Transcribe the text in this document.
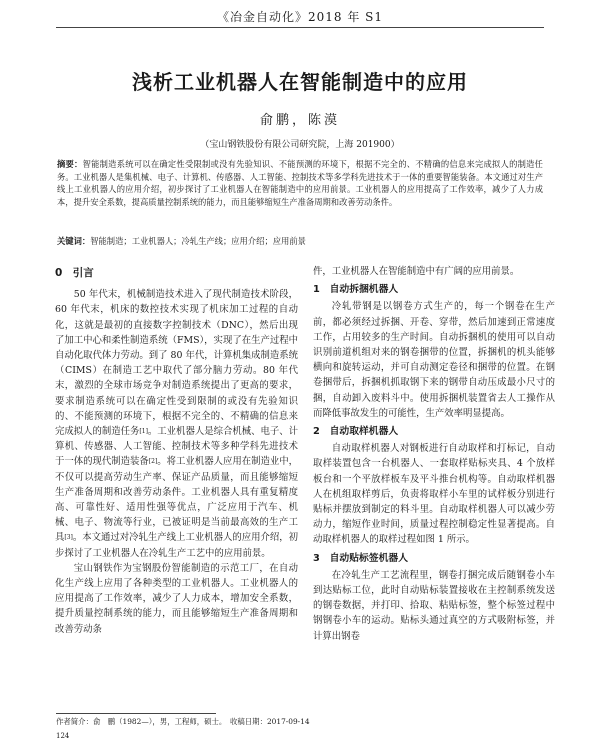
《冶金自动化》2018 年 S1
浅析工业机器人在智能制造中的应用
俞鹏，陈漠
（宝山钢铁股份有限公司研究院，上海 201900）
摘要：智能制造系统可以在确定性受限制或没有先验知识、不能预测的环境下，根据不完全的、不精确的信息来完成拟人的制造任务。工业机器人是集机械、电子、计算机、传感器、人工智能、控制技术等多学科先进技术于一体的重要智能装备。本文通过对生产线上工业机器人的应用介绍，初步探讨了工业机器人在智能制造中的应用前景。工业机器人的应用提高了工作效率，减少了人力成本，提升安全系数，提高质量控制系统的能力，而且能够缩短生产准备周期和改善劳动条件。
关键词：智能制造；工业机器人；冷轧生产线；应用介绍；应用前景
0　引言

50 年代末，机械制造技术进入了现代制造技术阶段，60 年代末，机床的数控技术实现了机床加工过程的自动化，这就是最初的直接数字控制技术（DNC），然后出现了加工中心和柔性制造系统（FMS），实现了在生产过程中自动化取代体力劳动。到了 80 年代，计算机集成制造系统（CIMS）在制造工艺中取代了部分脑力劳动。80 年代末，激烈的全球市场竞争对制造系统提出了更高的要求，要求制造系统可以在确定性受到限制的或没有先验知识的、不能预测的环境下，根据不完全的、不精确的信息来完成拟人的制造任务[1]。工业机器人是综合机械、电子、计算机、传感器、人工智能、控制技术等多种学科先进技术于一体的现代制造装备[2]。将工业机器人应用在制造业中，不仅可以提高劳动生产率、保证产品质量，而且能够缩短生产准备周期和改善劳动条件。工业机器人具有重复精度高、可靠性好、适用性强等优点，广泛应用于汽车、机械、电子、物流等行业，已被证明是当前最高效的生产工具[3]。本文通过对冷轧生产线上工业机器人的应用介绍，初步探讨了工业机器人在冷轧生产工艺中的应用前景。

宝山钢铁作为宝钢股份智能制造的示范工厂，在自动化生产线上应用了各种类型的工业机器人。工业机器人的应用提高了工作效率，减少了人力成本，增加安全系数，提升质量控制系统的能力，而且能够缩短生产准备周期和改善劳动条

件，工业机器人在智能制造中有广阔的应用前景。

1　自动拆捆机器人

冷轧带钢是以钢卷方式生产的，每一个钢卷在生产前，都必须经过拆捆、开卷、穿带，然后加速到正常速度工作，占用较多的生产时间。自动拆捆机的使用可以自动识别前道机组对来的钢卷捆带的位置，拆捆机的机头能够横向和旋转运动，并可自动测定卷径和捆带的位置。在钢卷捆带后，拆捆机抓取钢下来的钢带自动压成最小尺寸的捆，自动卸入废料斗中。使用拆捆机装置省去人工操作从而降低事故发生的可能性，生产效率明显提高。

2　自动取样机器人

自动取样机器人对钢板进行自动取样和打标记，自动取样装置包含一台机器人、一套取样贴标夹具、4 个放样板台和一个平放样板车及平斗推台机构等。自动取样机器人在机组取样剪后，负责将取样小车里的试样板分别进行贴标并摆放到制定的料斗里。自动取样机器人可以减少劳动力，缩短作业时间，质量过程控制稳定性显著提高。自动取样机器人的取样过程如图 1 所示。

3　自动贴标签机器人

在冷轧生产工艺流程里，钢卷打捆完成后随钢卷小车到达贴标工位，此时自动贴标装置接收在主控制系统发送的钢卷数据，并打印、拾取、粘贴标签，整个标签过程中钢钢卷小车的运动。贴标头通过真空的方式吸附标签，并计算出钢卷

作者简介：俞　鹏（1982—），男，工程师，硕士。　收稿日期：2017-09-14
124
